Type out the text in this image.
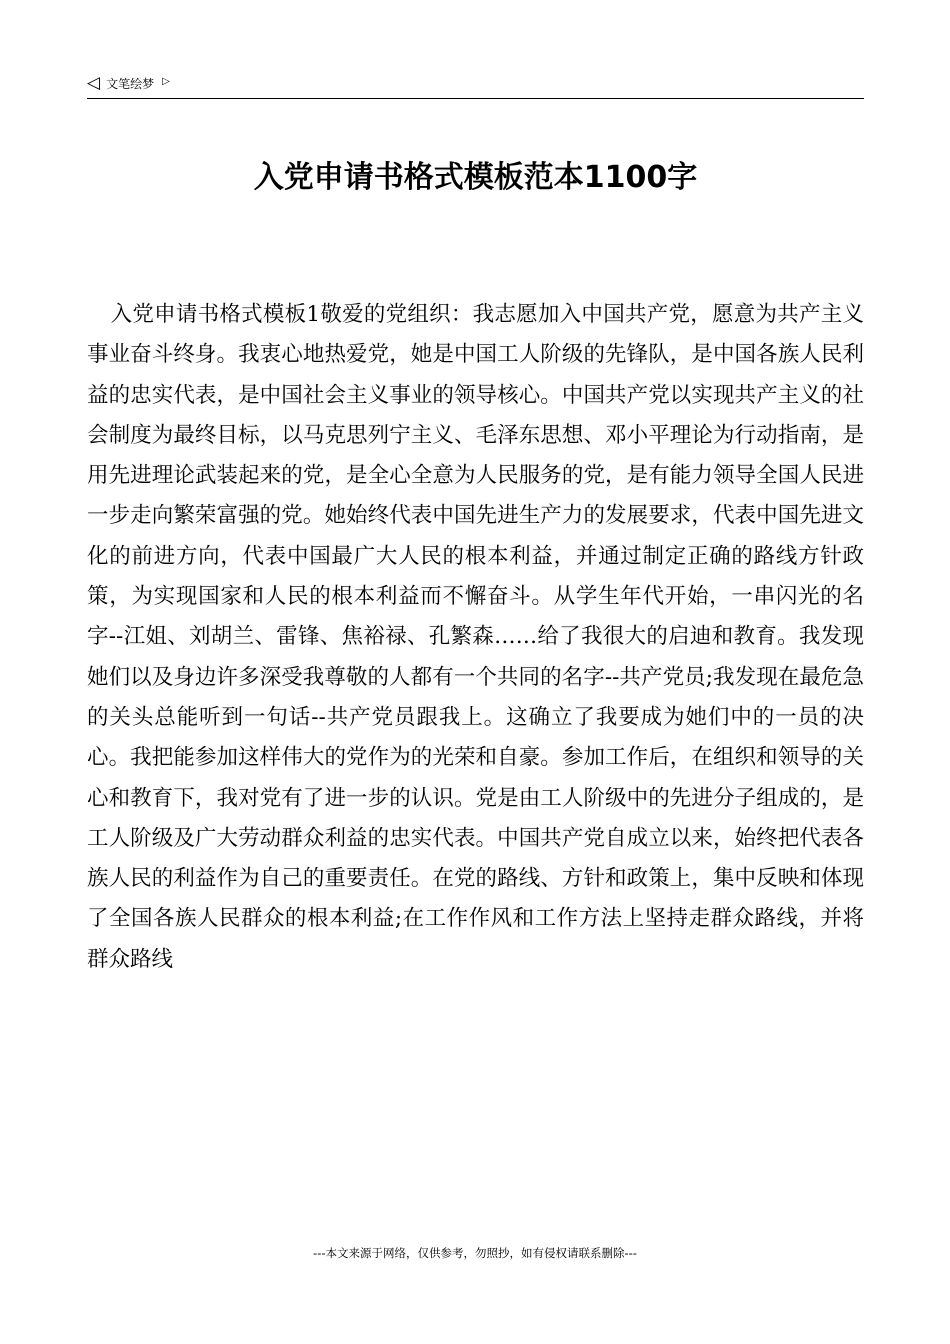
◁ 文笔绘梦 ▷
入党申请书格式模板范本1100字

入党申请书格式模板1敬爱的党组织：我志愿加入中国共产党，愿意为共产主义事业奋斗终身。我衷心地热爱党，她是中国工人阶级的先锋队，是中国各族人民利益的忠实代表，是中国社会主义事业的领导核心。中国共产党以实现共产主义的社会制度为最终目标，以马克思列宁主义、毛泽东思想、邓小平理论为行动指南，是用先进理论武装起来的党，是全心全意为人民服务的党，是有能力领导全国人民进一步走向繁荣富强的党。她始终代表中国先进生产力的发展要求，代表中国先进文化的前进方向，代表中国最广大人民的根本利益，并通过制定正确的路线方针政策，为实现国家和人民的根本利益而不懈奋斗。从学生年代开始，一串闪光的名字--江姐、刘胡兰、雷锋、焦裕禄、孔繁森……给了我很大的启迪和教育。我发现她们以及身边许多深受我尊敬的人都有一个共同的名字--共产党员;我发现在最危急的关头总能听到一句话--共产党员跟我上。这确立了我要成为她们中的一员的决心。我把能参加这样伟大的党作为的光荣和自豪。参加工作后，在组织和领导的关心和教育下，我对党有了进一步的认识。党是由工人阶级中的先进分子组成的，是工人阶级及广大劳动群众利益的忠实代表。中国共产党自成立以来，始终把代表各族人民的利益作为自己的重要责任。在党的路线、方针和政策上，集中反映和体现了全国各族人民群众的根本利益;在工作作风和工作方法上坚持走群众路线，并将群众路线

---本文来源于网络，仅供参考，勿照抄，如有侵权请联系删除---
